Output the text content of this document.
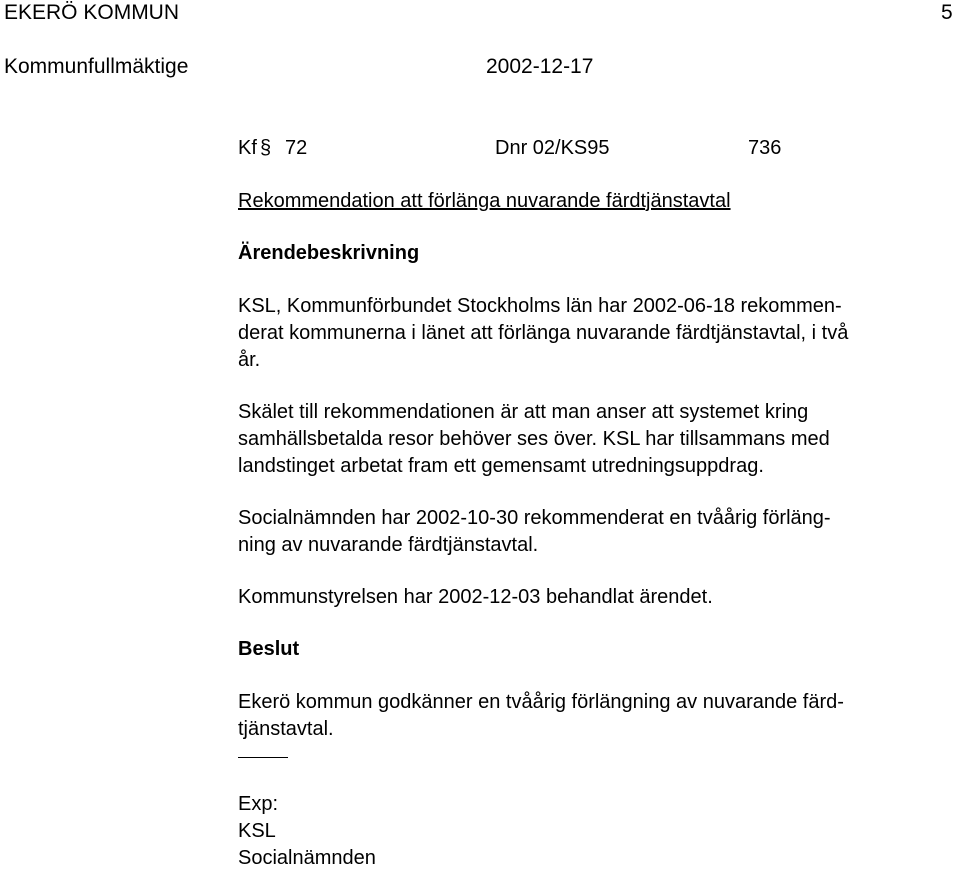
EKERÖ KOMMUN	5
Kommunfullmäktige	2002-12-17
Kf § 72	Dnr 02/KS95	736
Rekommendation att förlänga nuvarande färdtjänstavtal
Ärendebeskrivning

KSL, Kommunförbundet Stockholms län har 2002-06-18 rekommen-
derat kommunerna i länet att förlänga nuvarande färdtjänstavtal, i två
år.

Skälet till rekommendationen är att man anser att systemet kring
samhällsbetalda resor behöver ses över. KSL har tillsammans med
landstinget arbetat fram ett gemensamt utredningsuppdrag.

Socialnämnden har 2002-10-30 rekommenderat en tvåårig förläng-
ning av nuvarande färdtjänstavtal.

Kommunstyrelsen har 2002-12-03 behandlat ärendet.

Beslut

Ekerö kommun godkänner en tvåårig förlängning av nuvarande färd-
tjänstavtal.

Exp:
KSL
Socialnämnden
